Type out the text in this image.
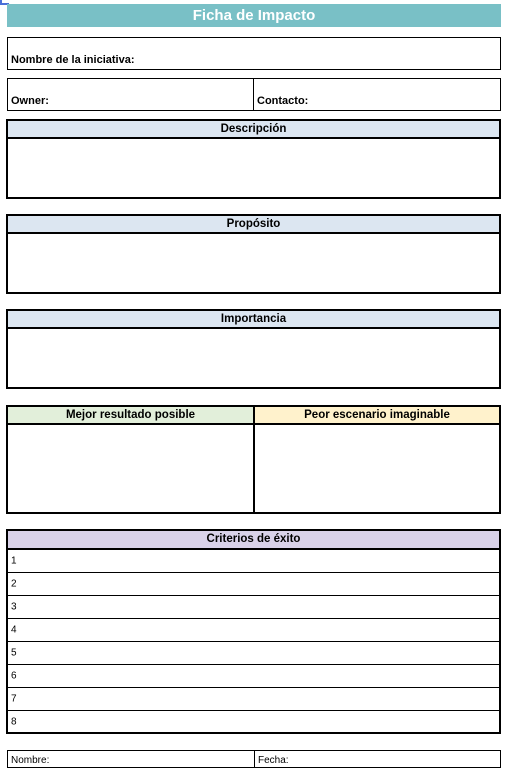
Ficha de Impacto
Nombre de la iniciativa:
Owner:	Contacto:
Descripción
Propósito
Importancia
Mejor resultado posible	Peor escenario imaginable
Criterios de éxito
1
2
3
4
5
6
7
8
Nombre:	Fecha:
